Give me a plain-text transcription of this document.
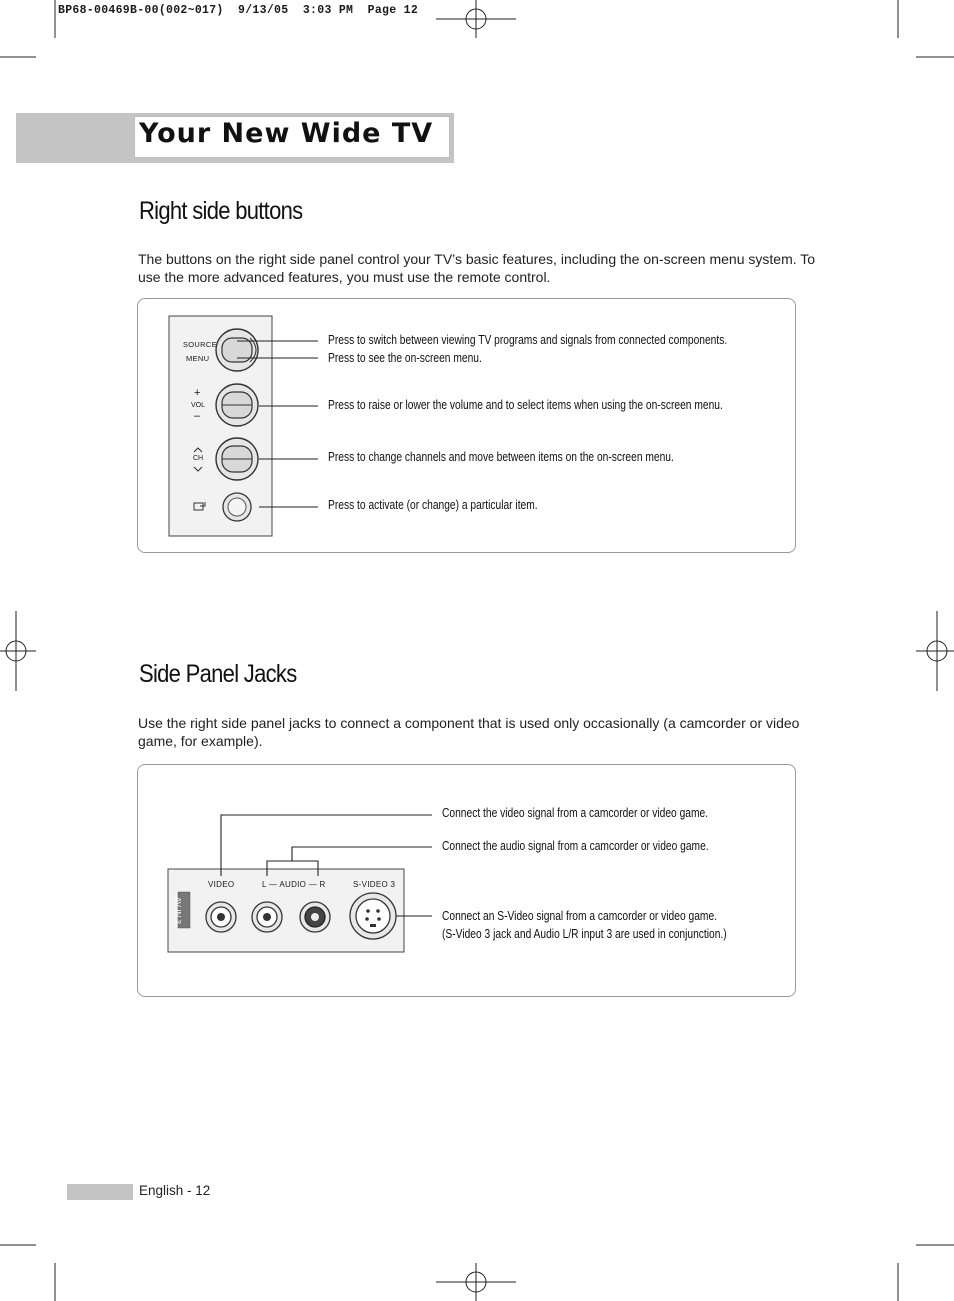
BP68-00469B-00(002~017)  9/13/05  3:03 PM  Page 12
Your New Wide TV
Right side buttons
The buttons on the right side panel control your TV’s basic features, including the on-screen menu system. To use the more advanced features, you must use the remote control.
SOURCE
MENU
+
VOL
–
CH
Press to switch between viewing TV programs and signals from connected components.
Press to see the on-screen menu.
Press to raise or lower the volume and to select items when using the on-screen menu.
Press to change channels and move between items on the on-screen menu.
Press to activate (or change) a particular item.
Side Panel Jacks
Use the right side panel jacks to connect a component that is used only occasionally (a camcorder or video game, for example).
VIDEO	L — AUDIO — R	S-VIDEO 3
AV IN 3
Connect the video signal from a camcorder or video game.
Connect the audio signal from a camcorder or video game.
Connect an S-Video signal from a camcorder or video game.
(S-Video 3 jack and Audio L/R input 3 are used in conjunction.)
English - 12
